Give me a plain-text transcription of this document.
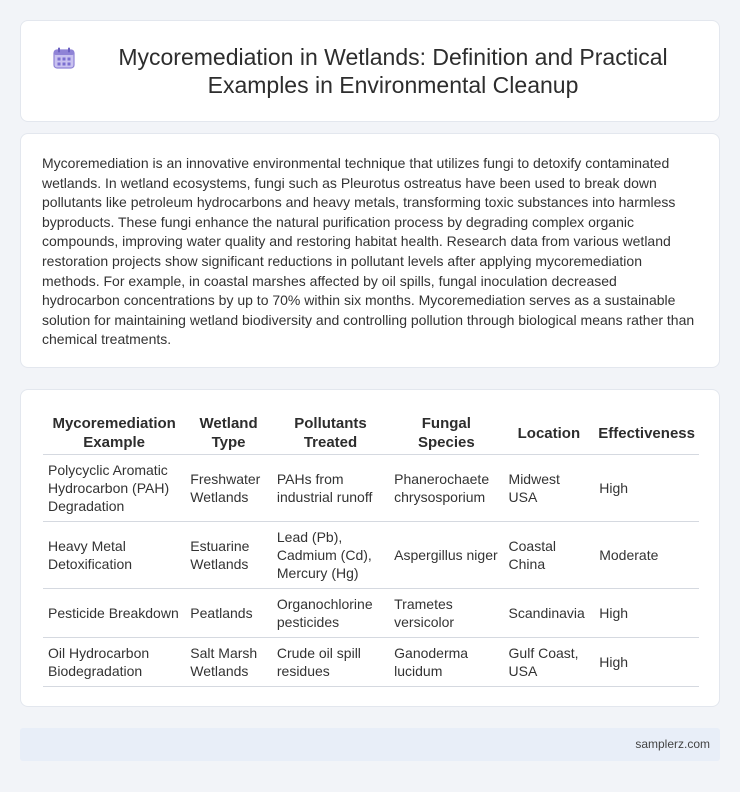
Mycoremediation in Wetlands: Definition and Practical Examples in Environmental Cleanup

Mycoremediation is an innovative environmental technique that utilizes fungi to detoxify contaminated wetlands. In wetland ecosystems, fungi such as Pleurotus ostreatus have been used to break down pollutants like petroleum hydrocarbons and heavy metals, transforming toxic substances into harmless byproducts. These fungi enhance the natural purification process by degrading complex organic compounds, improving water quality and restoring habitat health. Research data from various wetland restoration projects show significant reductions in pollutant levels after applying mycoremediation methods. For example, in coastal marshes affected by oil spills, fungal inoculation decreased hydrocarbon concentrations by up to 70% within six months. Mycoremediation serves as a sustainable solution for maintaining wetland biodiversity and controlling pollution through biological means rather than chemical treatments.

Mycoremediation Example	Wetland Type	Pollutants Treated	Fungal Species	Location	Effectiveness
Polycyclic Aromatic Hydrocarbon (PAH) Degradation	Freshwater Wetlands	PAHs from industrial runoff	Phanerochaete chrysosporium	Midwest USA	High
Heavy Metal Detoxification	Estuarine Wetlands	Lead (Pb), Cadmium (Cd), Mercury (Hg)	Aspergillus niger	Coastal China	Moderate
Pesticide Breakdown	Peatlands	Organochlorine pesticides	Trametes versicolor	Scandinavia	High
Oil Hydrocarbon Biodegradation	Salt Marsh Wetlands	Crude oil spill residues	Ganoderma lucidum	Gulf Coast, USA	High
samplerz.com
